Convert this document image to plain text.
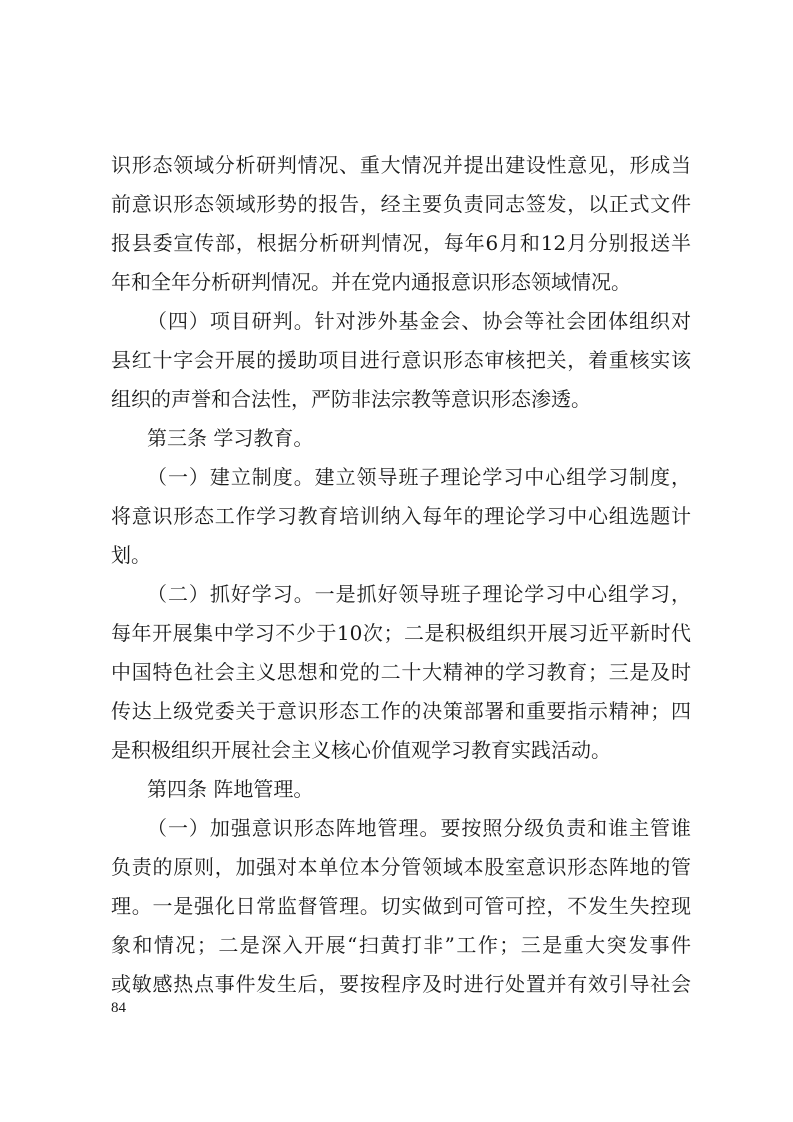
识形态领域分析研判情况、重大情况并提出建设性意见，形成当
前意识形态领域形势的报告，经主要负责同志签发，以正式文件
报县委宣传部，根据分析研判情况，每年6月和12月分别报送半
年和全年分析研判情况。并在党内通报意识形态领域情况。
（四）项目研判。针对涉外基金会、协会等社会团体组织对
县红十字会开展的援助项目进行意识形态审核把关，着重核实该
组织的声誉和合法性，严防非法宗教等意识形态渗透。
第三条 学习教育。
（一）建立制度。建立领导班子理论学习中心组学习制度，
将意识形态工作学习教育培训纳入每年的理论学习中心组选题计
划。
（二）抓好学习。一是抓好领导班子理论学习中心组学习，
每年开展集中学习不少于10次；二是积极组织开展习近平新时代
中国特色社会主义思想和党的二十大精神的学习教育；三是及时
传达上级党委关于意识形态工作的决策部署和重要指示精神；四
是积极组织开展社会主义核心价值观学习教育实践活动。
第四条 阵地管理。
（一）加强意识形态阵地管理。要按照分级负责和谁主管谁
负责的原则，加强对本单位本分管领域本股室意识形态阵地的管
理。一是强化日常监督管理。切实做到可管可控，不发生失控现
象和情况；二是深入开展“扫黄打非”工作；三是重大突发事件
或敏感热点事件发生后，要按程序及时进行处置并有效引导社会
84
